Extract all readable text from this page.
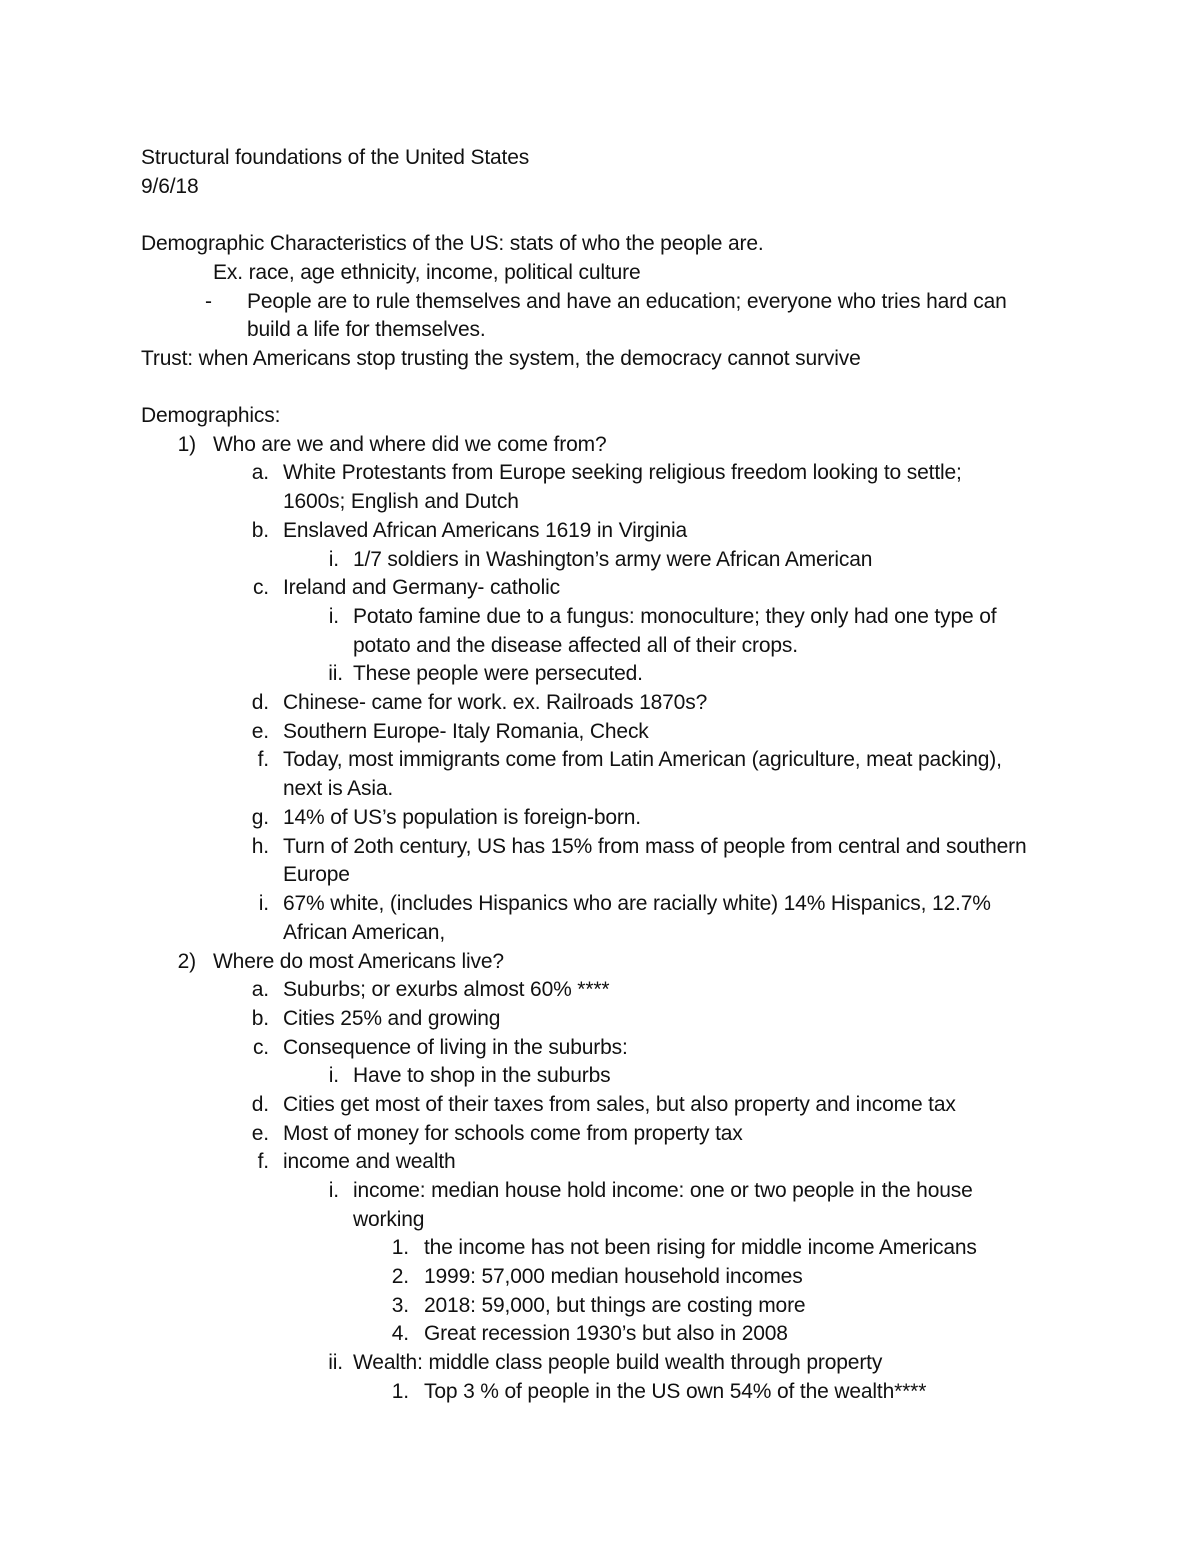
Structural foundations of the United States
9/6/18
Demographic Characteristics of the US: stats of who the people are.
Ex. race, age ethnicity, income, political culture
- People are to rule themselves and have an education; everyone who tries hard can
build a life for themselves.
Trust: when Americans stop trusting the system, the democracy cannot survive
Demographics:
1) Who are we and where did we come from?
a. White Protestants from Europe seeking religious freedom looking to settle;
1600s; English and Dutch
b. Enslaved African Americans 1619 in Virginia
i. 1/7 soldiers in Washington’s army were African American
c. Ireland and Germany- catholic
i. Potato famine due to a fungus: monoculture; they only had one type of
potato and the disease affected all of their crops.
ii. These people were persecuted.
d. Chinese- came for work. ex. Railroads 1870s?
e. Southern Europe- Italy Romania, Check
f. Today, most immigrants come from Latin American (agriculture, meat packing),
next is Asia.
g. 14% of US’s population is foreign-born.
h. Turn of 2oth century, US has 15% from mass of people from central and southern
Europe
i. 67% white, (includes Hispanics who are racially white) 14% Hispanics, 12.7%
African American,
2) Where do most Americans live?
a. Suburbs; or exurbs almost 60% ****
b. Cities 25% and growing
c. Consequence of living in the suburbs:
i. Have to shop in the suburbs
d. Cities get most of their taxes from sales, but also property and income tax
e. Most of money for schools come from property tax
f. income and wealth
i. income: median house hold income: one or two people in the house
working
1. the income has not been rising for middle income Americans
2. 1999: 57,000 median household incomes
3. 2018: 59,000, but things are costing more
4. Great recession 1930’s but also in 2008
ii. Wealth: middle class people build wealth through property
1. Top 3 % of people in the US own 54% of the wealth****
